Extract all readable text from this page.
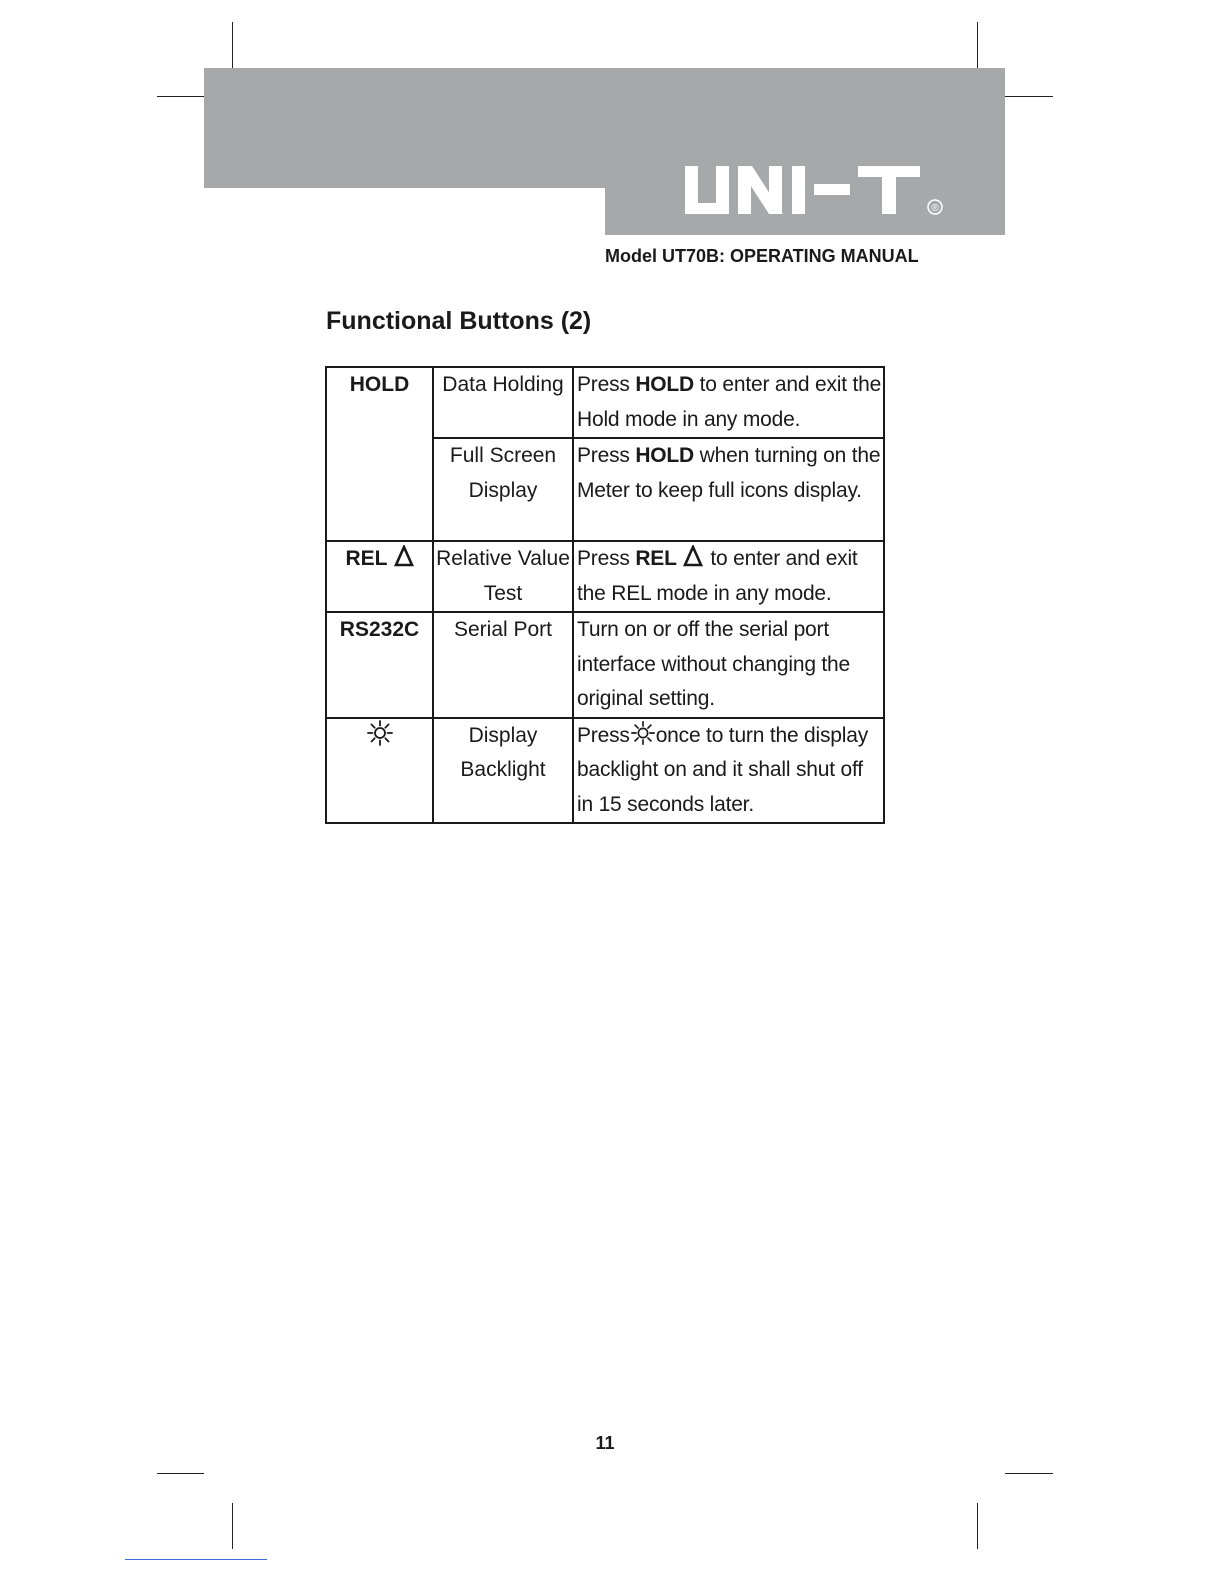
®
Model UT70B: OPERATING MANUAL
Functional Buttons (2)
HOLD	Data Holding	Press HOLD to enter and exit the Hold mode in any mode.
	Full Screen Display	Press HOLD when turning on the Meter to keep full icons display.
REL	Relative Value Test	Press REL to enter and exit the REL mode in any mode.
RS232C	Serial Port	Turn on or off the serial port interface without changing the original setting.
	Display Backlight	Press once to turn the display backlight on and it shall shut off in 15 seconds later.
11
